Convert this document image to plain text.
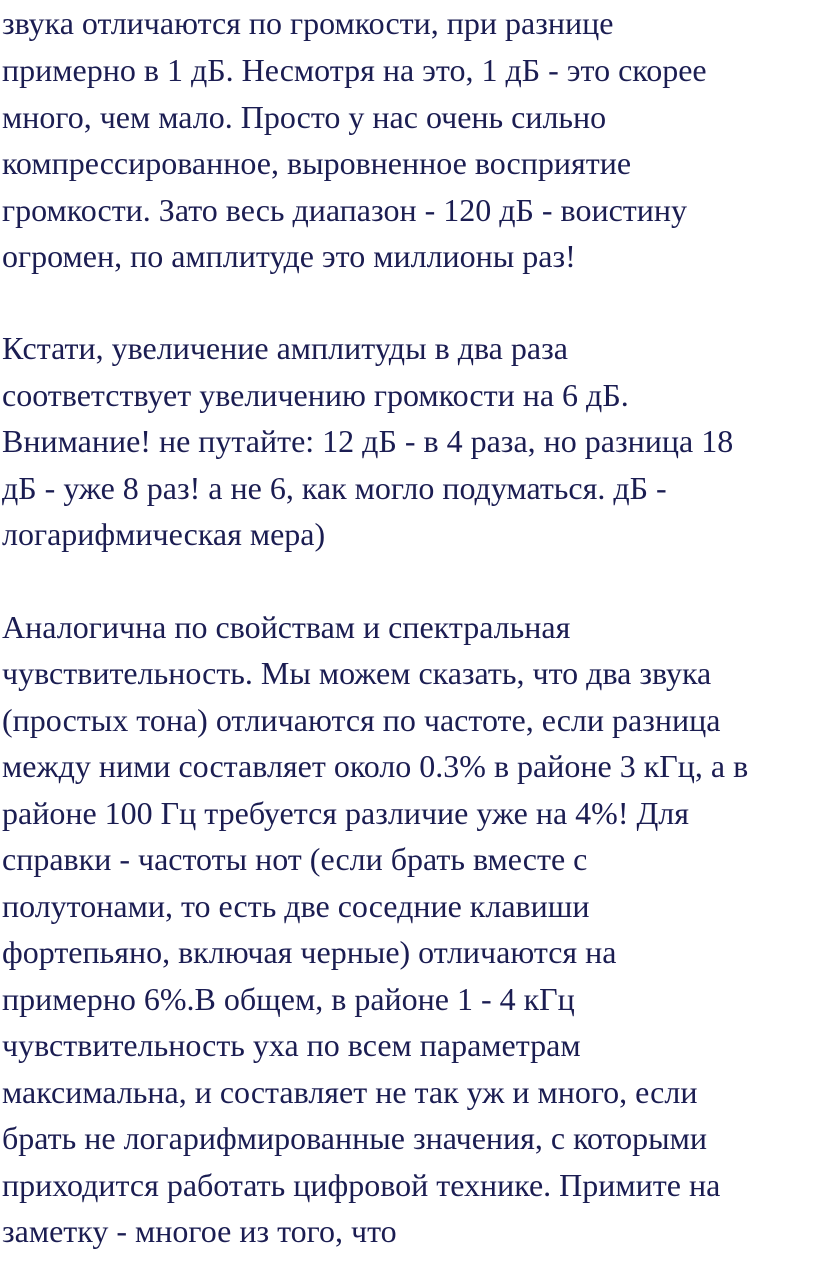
звука отличаются по громкости, при разнице
примерно в 1 дБ. Несмотря на это, 1 дБ - это скорее
много, чем мало. Просто у нас очень сильно
компрессированное, выровненное восприятие
громкости. Зато весь диапазон - 120 дБ - воистину
огромен, по амплитуде это миллионы раз!
Кстати, увеличение амплитуды в два раза
соответствует увеличению громкости на 6 дБ.
Внимание! не путайте: 12 дБ - в 4 раза, но разница 18
дБ - уже 8 раз! а не 6, как могло подуматься. дБ -
логарифмическая мера)
Аналогична по свойствам и спектральная
чувствительность. Мы можем сказать, что два звука
(простых тона) отличаются по частоте, если разница
между ними составляет около 0.3% в районе 3 кГц, а в
районе 100 Гц требуется различие уже на 4%! Для
справки - частоты нот (если брать вместе с
полутонами, то есть две соседние клавиши
фортепьяно, включая черные) отличаются на
примерно 6%.В общем, в районе 1 - 4 кГц
чувствительность уха по всем параметрам
максимальна, и составляет не так уж и много, если
брать не логарифмированные значения, с которыми
приходится работать цифровой технике. Примите на
заметку - многое из того, что
